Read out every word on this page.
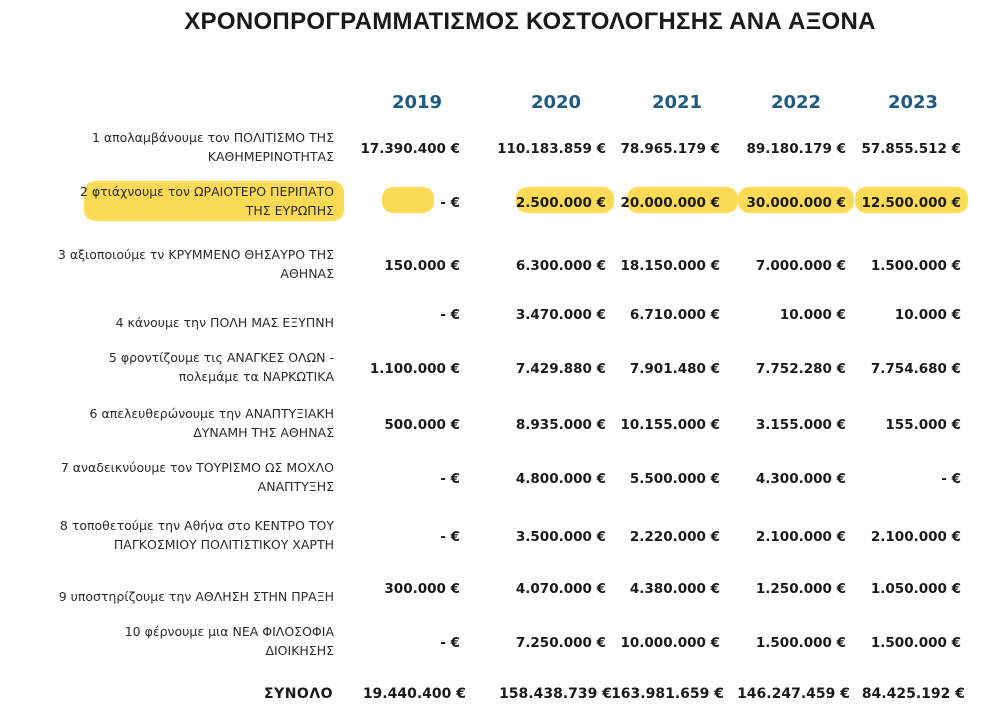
ΧΡΟΝΟΠΡΟΓΡΑΜΜΑΤΙΣΜΟΣ ΚΟΣΤΟΛΟΓΗΣΗΣ ΑΝΑ ΑΞΟΝΑ
2019	2020	2021	2022	2023
1 απολαμβάνουμε τον ΠΟΛΙΤΙΣΜΟ ΤΗΣ
ΚΑΘΗΜΕΡΙΝΟΤΗΤΑΣ 17.390.400 €	110.183.859 € 78.965.179 € 89.180.179 € 57.855.512 €
2 φτιάχνουμε τον ΩΡΑΙΟΤΕΡΟ ΠΕΡΙΠΑΤΟ
ΤΗΣ ΕΥΡΩΠΗΣ	- €	2.500.000 € 20.000.000 € 30.000.000 € 12.500.000 €
3 αξιοποιούμε τν ΚΡΥΜΜΕΝΟ ΘΗΣΑΥΡΟ ΤΗΣ
ΑΘΗΝΑΣ	150.000 €	6.300.000 € 18.150.000 €	7.000.000 € 1.500.000 €
4 κάνουμε την ΠΟΛΗ ΜΑΣ ΕΞΥΠΝΗ	- €	3.470.000 € 6.710.000 €	10.000 €	10.000 €
5 φροντίζουμε τις ΑΝΑΓΚΕΣ ΟΛΩΝ -
πολεμάμε τα ΝΑΡΚΩΤΙΚΑ	1.100.000 €	7.429.880 € 7.901.480 €	7.752.280 € 7.754.680 €
6 απελευθερώνουμε την ΑΝΑΠΤΥΞΙΑΚΗ
ΔΥΝΑΜΗ ΤΗΣ ΑΘΗΝΑΣ	500.000 €	8.935.000 € 10.155.000 €	3.155.000 €	155.000 €
7 αναδεικνύουμε τον ΤΟΥΡΙΣΜΟ ΩΣ ΜΟΧΛΟ
ΑΝΑΠΤΥΞΗΣ	- €	4.800.000 € 5.500.000 €	4.300.000 €	- €
8 τοποθετούμε την Αθήνα στο ΚΕΝΤΡΟ ΤΟΥ
ΠΑΓΚΟΣΜΙΟΥ ΠΟΛΙΤΙΣΤΙΚΟΥ ΧΑΡΤΗ	- €	3.500.000 € 2.220.000 €	2.100.000 € 2.100.000 €
9 υποστηρίζουμε την ΑΘΛΗΣΗ ΣΤΗΝ ΠΡΑΞΗ	300.000 €	4.070.000 € 4.380.000 €	1.250.000 € 1.050.000 €
10 φέρνουμε μια ΝΕΑ ΦΙΛΟΣΟΦΙΑ
ΔΙΟΙΚΗΣΗΣ	- €	7.250.000 € 10.000.000 €	1.500.000 € 1.500.000 €
ΣΥΝΟΛΟ 19.440.400 € 158.438.739 € 163.981.659 € 146.247.459 € 84.425.192 €
